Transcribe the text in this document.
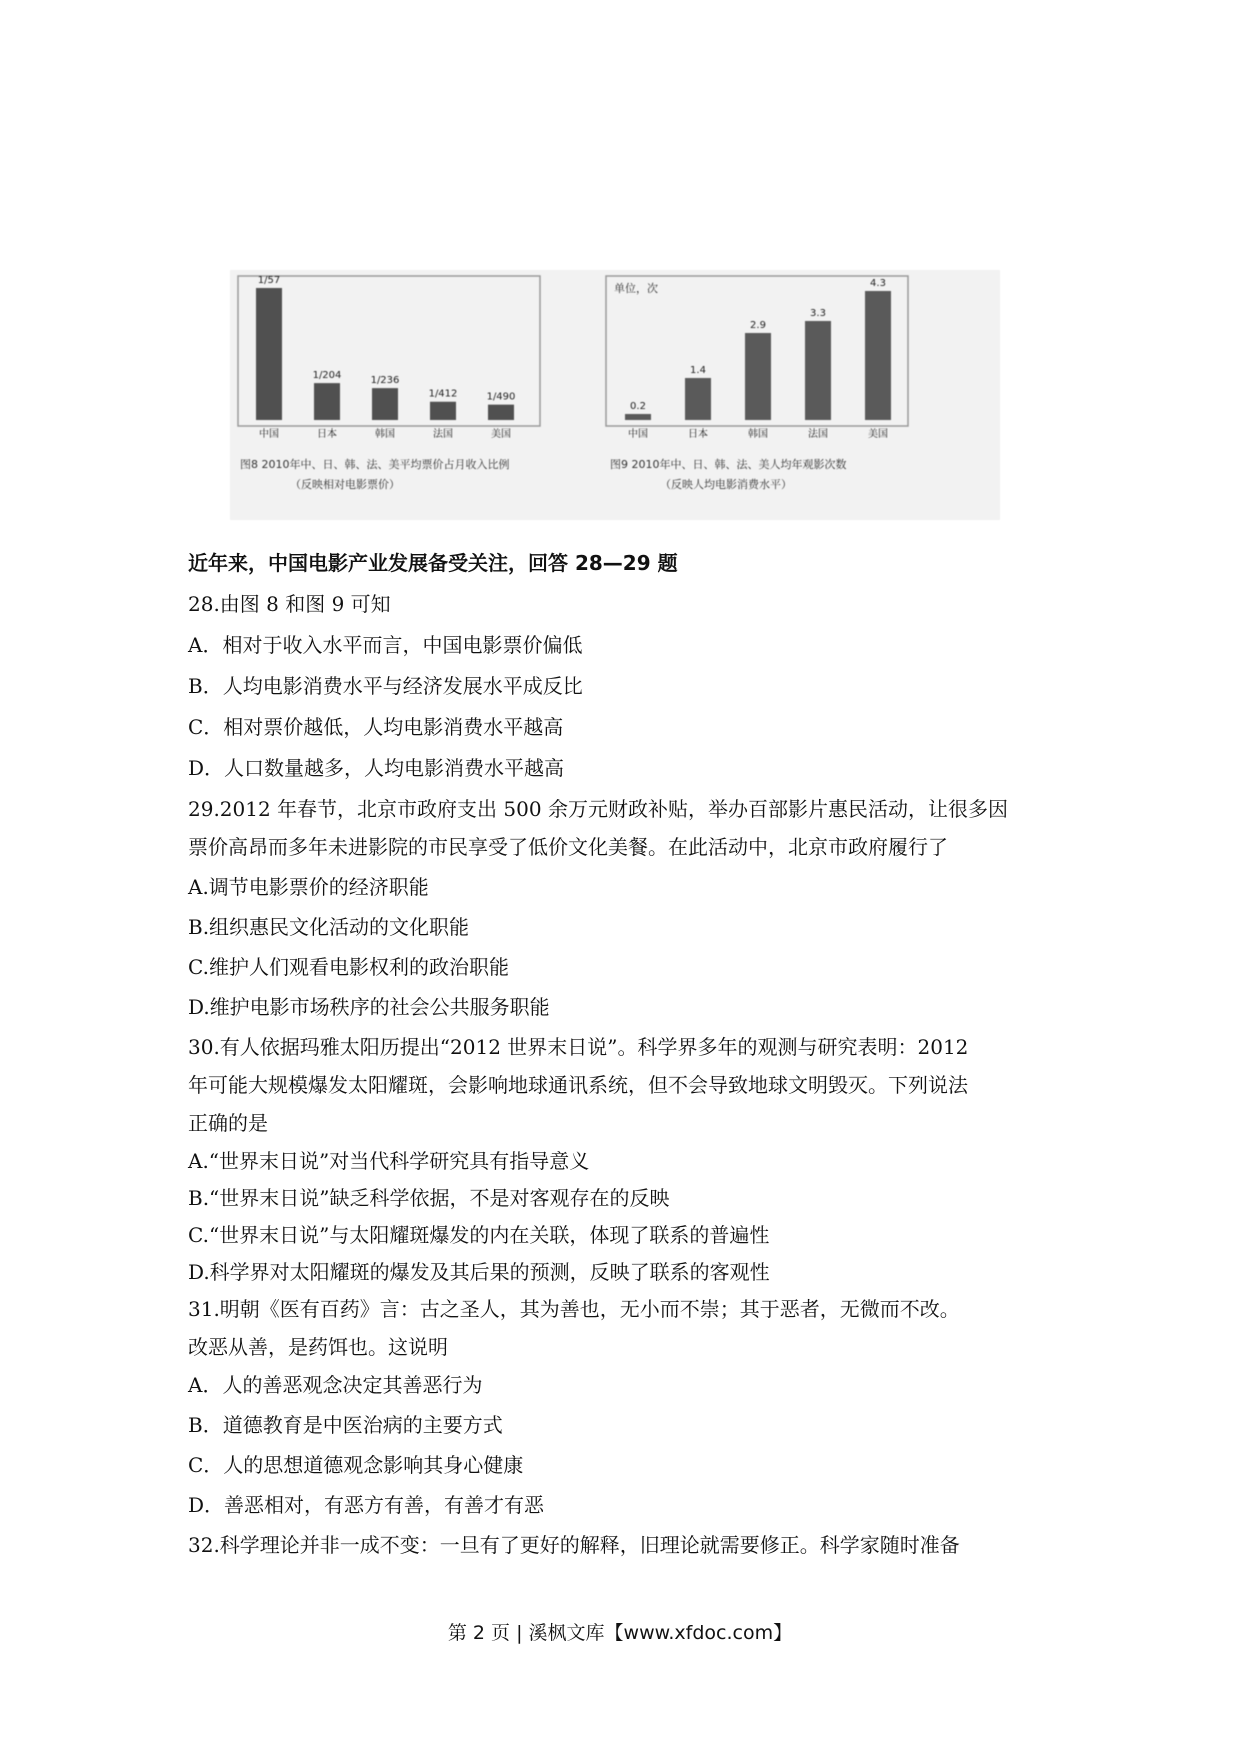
1/57
中国
1/204
日本
1/236
韩国
1/412
法国
1/490
美国
图8 2010年中、日、韩、法、美平均票价占月收入比例
（反映相对电影票价）
单位，次
0.2
中国
1.4
日本
2.9
韩国
3.3
法国
4.3
美国
图9 2010年中、日、韩、法、美人均年观影次数
（反映人均电影消费水平）
近年来，中国电影产业发展备受关注，回答 28—29 题
28.由图 8 和图 9 可知
A．相对于收入水平而言，中国电影票价偏低
B．人均电影消费水平与经济发展水平成反比
C．相对票价越低，人均电影消费水平越高
D．人口数量越多，人均电影消费水平越高
29.2012 年春节，北京市政府支出 500 余万元财政补贴，举办百部影片惠民活动，让很多因
票价高昂而多年未进影院的市民享受了低价文化美餐。在此活动中，北京市政府履行了
A.调节电影票价的经济职能
B.组织惠民文化活动的文化职能
C.维护人们观看电影权利的政治职能
D.维护电影市场秩序的社会公共服务职能
30.有人依据玛雅太阳历提出“2012 世界末日说”。科学界多年的观测与研究表明：2012
年可能大规模爆发太阳耀斑，会影响地球通讯系统，但不会导致地球文明毁灭。下列说法
正确的是
A.“世界末日说”对当代科学研究具有指导意义
B.“世界末日说”缺乏科学依据，不是对客观存在的反映
C.“世界末日说”与太阳耀斑爆发的内在关联，体现了联系的普遍性
D.科学界对太阳耀斑的爆发及其后果的预测，反映了联系的客观性
31.明朝《医有百药》言：古之圣人，其为善也，无小而不崇；其于恶者，无微而不改。
改恶从善，是药饵也。这说明
A．人的善恶观念决定其善恶行为
B．道德教育是中医治病的主要方式
C．人的思想道德观念影响其身心健康
D．善恶相对，有恶方有善，有善才有恶
32.科学理论并非一成不变：一旦有了更好的解释，旧理论就需要修正。科学家随时准备
第 2 页 | 溪枫文库【www.xfdoc.com】
